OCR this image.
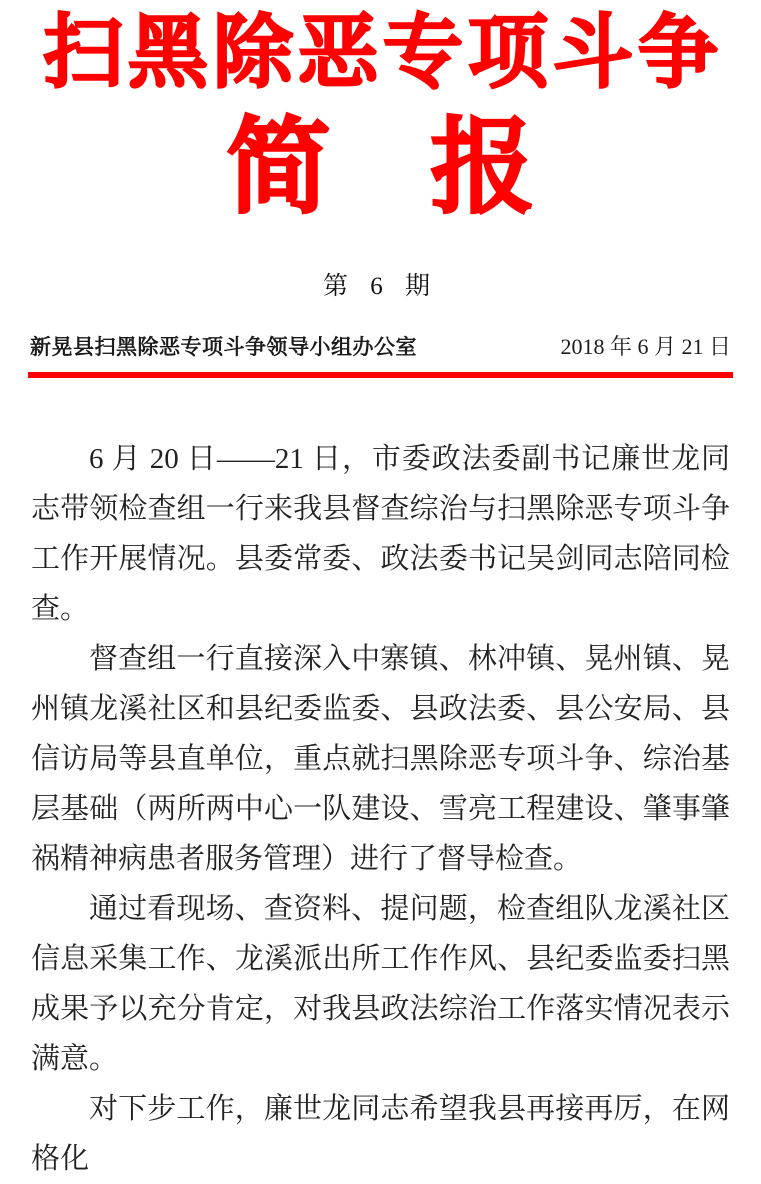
扫黑除恶专项斗争
简 报
第 6 期
新晃县扫黑除恶专项斗争领导小组办公室	2018 年 6 月 21 日

6 月 20 日——21 日，市委政法委副书记廉世龙同志带领检查组一行来我县督查综治与扫黑除恶专项斗争工作开展情况。县委常委、政法委书记吴剑同志陪同检查。

督查组一行直接深入中寨镇、林冲镇、晃州镇、晃州镇龙溪社区和县纪委监委、县政法委、县公安局、县信访局等县直单位，重点就扫黑除恶专项斗争、综治基层基础（两所两中心一队建设、雪亮工程建设、肇事肇祸精神病患者服务管理）进行了督导检查。

通过看现场、查资料、提问题，检查组队龙溪社区信息采集工作、龙溪派出所工作作风、县纪委监委扫黑成果予以充分肯定，对我县政法综治工作落实情况表示满意。

对下步工作，廉世龙同志希望我县再接再厉，在网格化
